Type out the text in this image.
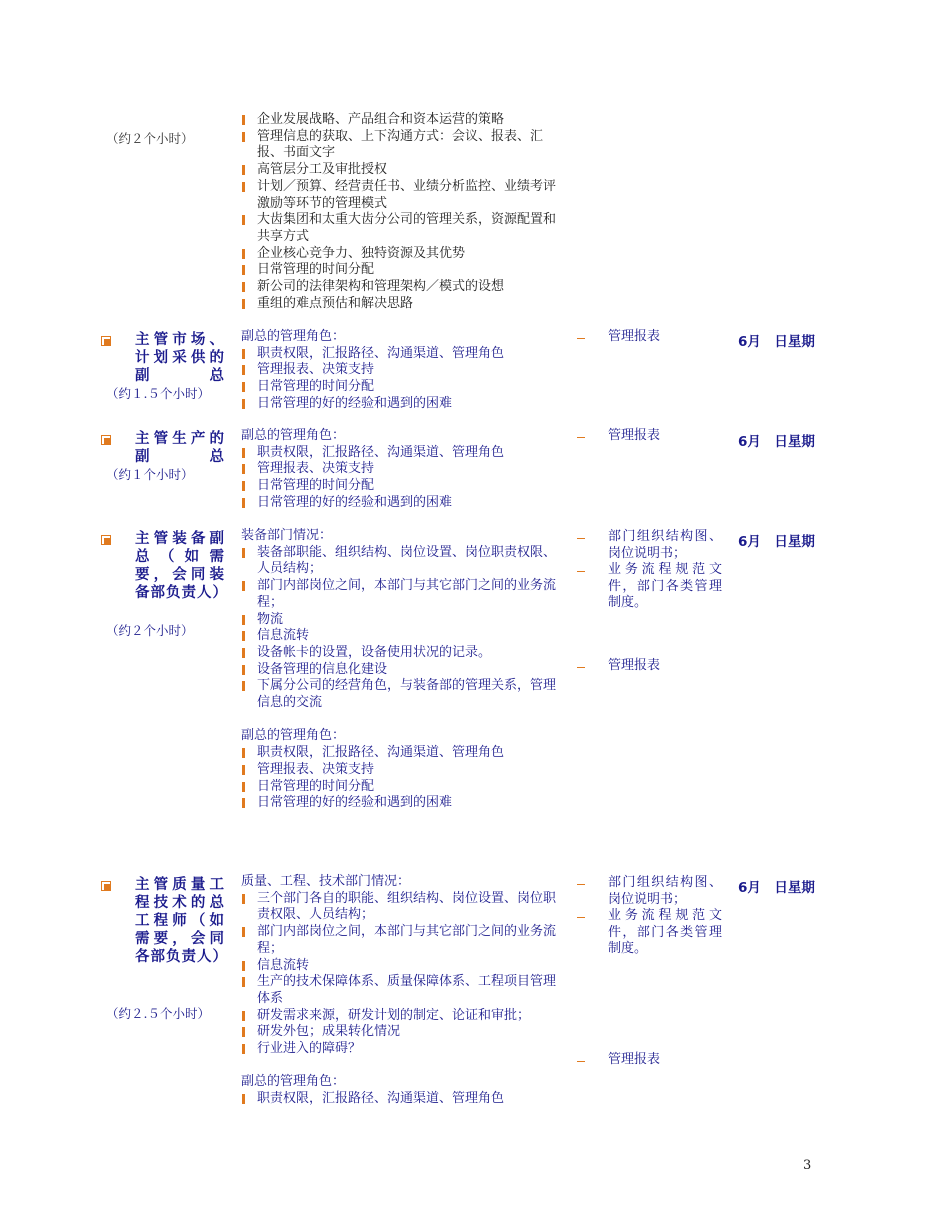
（约２个小时）
企业发展战略、产品组合和资本运营的策略
管理信息的获取、上下沟通方式：会议、报表、汇报、书面文字
高管层分工及审批授权
计划／预算、经营责任书、业绩分析监控、业绩考评激励等环节的管理模式
大齿集团和太重大齿分公司的管理关系，资源配置和共享方式
企业核心竞争力、独特资源及其优势
日常管理的时间分配
新公司的法律架构和管理架构／模式的设想
重组的难点预估和解决思路
主管市场、计划采供的副总
（约１.５个小时）
副总的管理角色：
职责权限，汇报路径、沟通渠道、管理角色
管理报表、决策支持
日常管理的时间分配
日常管理的好的经验和遇到的困难
管理报表	6月　日星期
主管生产的副总
（约１个小时）
副总的管理角色：
职责权限，汇报路径、沟通渠道、管理角色
管理报表、决策支持
日常管理的时间分配
日常管理的好的经验和遇到的困难
管理报表	6月　日星期
主管装备副总（如需要，会同装备部负责人）
（约２个小时）
装备部门情况：
装备部职能、组织结构、岗位设置、岗位职责权限、人员结构；
部门内部岗位之间，本部门与其它部门之间的业务流程；
物流
信息流转
设备帐卡的设置，设备使用状况的记录。
设备管理的信息化建设
下属分公司的经营角色，与装备部的管理关系，管理信息的交流
副总的管理角色：
职责权限，汇报路径、沟通渠道、管理角色
管理报表、决策支持
日常管理的时间分配
日常管理的好的经验和遇到的困难
部门组织结构图、岗位说明书；
业务流程规范文件，部门各类管理制度。
管理报表
6月　日星期
主管质量工程技术的总工程师（如需要，会同各部负责人）
（约２.５个小时）
质量、工程、技术部门情况：
三个部门各自的职能、组织结构、岗位设置、岗位职责权限、人员结构；
部门内部岗位之间，本部门与其它部门之间的业务流程；
信息流转
生产的技术保障体系、质量保障体系、工程项目管理体系
研发需求来源，研发计划的制定、论证和审批；
研发外包；成果转化情况
行业进入的障碍？
副总的管理角色：
职责权限，汇报路径、沟通渠道、管理角色
部门组织结构图、岗位说明书；
业务流程规范文件，部门各类管理制度。
管理报表
6月　日星期
3
